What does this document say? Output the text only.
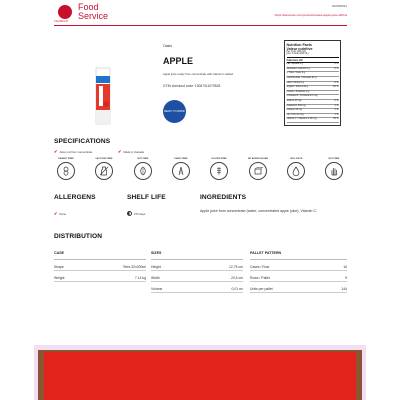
CANADIAN
Food
Service
2024/08/21
https://lassonde.com/products/oasis-apple-juice-200ml
Oasis
APPLE
Apple juice ready from concentrate with vitamin C added
GTIN checkout code: 10067311079528
READY TO DRINK
Nutrition Facts
Valeur nutritive
Per 1 box (200 mL)
pour 1 boîte (200 mL)
Calories 90
Fat / Lipides 0 g	0 %
Saturated / saturés 0 g	0 %
+ Trans / trans 0 g
Carbohydrate / Glucides 22 g
Fibre / Fibres 0 g	0 %
Sugars / Sucres 20 g	20 %
Protein / Protéines 0 g
Cholesterol / Cholestérol 0 mg
Sodium 10 mg	0 %
Potassium 200 mg	4 %
Calcium 10 mg	1 %
Iron / Fer 0.2 mg	1 %
Vitamin C / Vitamine C 30 mg	35 %
SPECIFICATIONS
✔ Juice not from concentrate	✔ Made in Canada
PEANUT FREE	LACTOSE FREE	NUT FREE	DAIRY FREE	GLUTEN FREE	NO ADDED SUGAR	100% JUICE	NUT FREE
ALLERGENS
✔ None
SHELF LIFE
270 days
INGREDIENTS
Apple juice from concentrate (water, concentrated apple juice), Vitamin C.
DISTRIBUTION
CASE
Shape	Tetra 32x200ml
Weight	7.14 kg
SIZES
Height	12,75 cm
Width	20,5 cm
Volume	0,01 m³
PALLET PATTERN
Cases / Row	16
Rows / Pallet	9
Units per pallet	144
